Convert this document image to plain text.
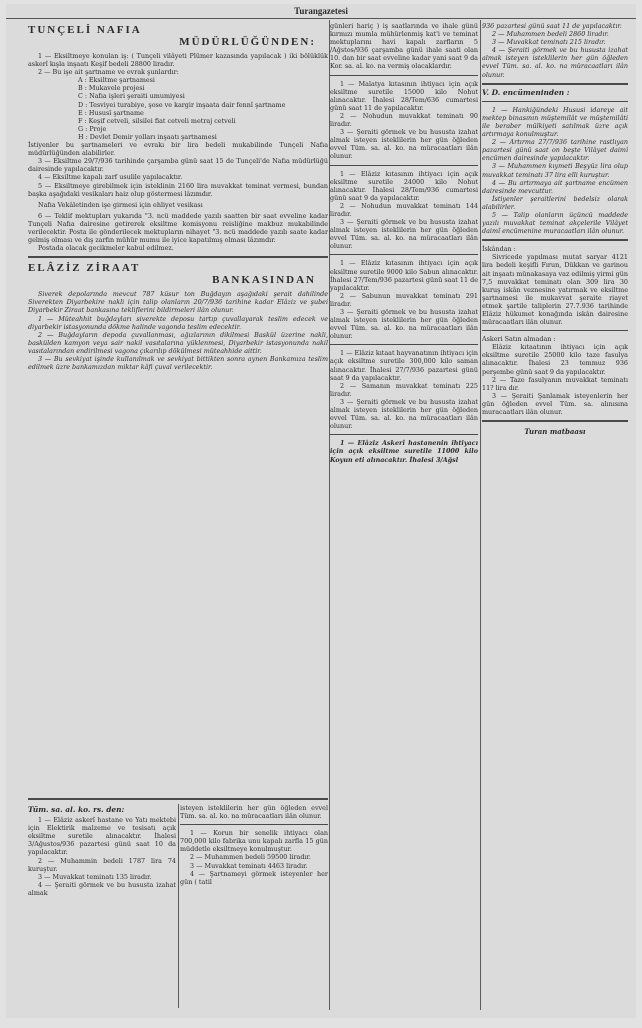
Turangazetesi
TUNÇELİ NAFIA
MÜDÜRLÜĞÜNDEN:

1 — Eksiltmeye konulan iş: ( Tunçeli vilâyeti Plümer kazasında yapılacak ) iki bölüklük askerî kışla inşaatı Keşif bedeli 28800 liradır.

2 — Bu işe ait şartname ve evrak şunlardır:

A : Eksiltme şartnamesi
B : Mukavele projesi
C : Nafıa işleri şeraiti umumiyesi
D : Tesviyei turabiye, şose ve kargir inşaata dair fennî şartname
E : Hususî şartname
F : Keşif cetveli, silsilei fiat cetveli metraj cetveli
G : Proje
H : Devlet Demir yolları inşaatı şartnamesi

İstiyenler bu şartnameleri ve evrakı bir lira bedeli mukabilinde Tunçeli Nafıa müdürlüğünden alabilirler.

3 — Eksiltme 29/7/936 tarihinde çarşamba günü saat 15 de Tunçeli'de Nafıa müdürlüğü dairesinde yapılacaktır.

4 — Eksiltme kapalı zarf usulile yapılacaktır.

5 — Eksiltmeye girebilmek için isteklinin 2160 lira muvakkat teminat vermesi, bundan başka aşağıdaki vesikaları haiz olup göstermesi lâzımdır.

Nafıa Vekâletinden işe girmesi için ehliyet vesikası

6 — Teklif mektupları yukarıda "3. ncü maddede yazılı saatten bir saat evveline kadar Tunçeli Nafıa dairesine getirerek eksiltme komisyonu reisliğine makbuz mukabilinde verilecektir. Posta ile gönderilecek mektupların nihayet "3. ncü maddede yazılı saate kadar gelmiş olması ve dış zarfın mühür mumu ile iyice kapatılmış olması lâzımdır.

Postada olacak gecikmeler kabul edilmez.

ELÂZİZ ZİRAAT
BANKASINDAN

Siverek depolarında mevcut 787 küsur ton Buğdayın aşağıdaki şerait dahilinde Siverekten Diyarbekire nakli için talip olanların 20/7/936 tarihine kadar Elâziz ve şubei Diyarbekir Ziraat bankasına tekliflerini bildirmeleri ilân olunur.

1 — Müteahhit buğdayları siverekte deposu tartıp çuvallayarak teslim edecek ve diyarbekir istasyonunda dökme halinde vagonda teslim edecektir.

2 — Buğdayların depoda çuvallanması, ağızlarının dikilmesi Baskül üzerine nakli, baskülden kamyon veya sair nakil vasıtalarına yüklenmesi, Diyarbekir istasyonunda nakil vasıtalarından endirilmesi vagona çıkarılıp dökülmesi müteahhide aittir.

3 — Bu sevkiyat işinde kullanılmak ve sevkiyat bittikten sonra aynen Bankamıza teslim edilmek üzre bankamızdan miktar kâfi çuval verilecektir.

Tüm. sa. al. ko. rs. den:

1 — Elâziz askerî hastane ve Yatı mektebi için Elektirik malzeme ve tesisatı açık eksiltme suretile alınacaktır. İhalesi 3/Ağustos/936 pazartesi günü saat 10 da yapılacaktır.

2 — Muhammin bedeli 1787 lira 74 kuruştur.

3 — Muvakkat teminatı 135 liradır.

4 — Şeraiti görmek ve bu hususta izahat almak

isteyen isteklilerin her gün öğleden evvel Tüm. sa. al. ko. na müracaatları ilân olunur.

1 — Korun bir senelik ihtiyacı olan 700,000 kilo fabrika unu kapalı zarfla 15 gün müddetle eksiltmeye konulmuştur.

2 — Muhammen bedeli 59500 liradır.

3 — Muvakkat teminatı 4463 liradır.

4 — Şartnameyi görmek isteyenler her gün ( tatil

günleri hariç ) iş saatlarında ve ihale günü kırmızı mumla mühürlenmiş kat'i ve teminat mektuplarını havi kapalı zarfların 5 /Ağstos/936 çarşamba günü ihale saati olan 10. dan bir saat evveline kadar yani saat 9 da Kor. sa. al. ko. na vermiş olacaklardır.

1 — Malatya kıtasının ihtiyacı için açık eksiltme suretile 15000 kilo Nohut alınacaktır. İhalesi 28/Tem/636 cumartesi günü saat 11 de yapılacaktır.

2 — Nohudun muvakkat teminatı 90 liradır.

3 — Şeraiti görmek ve bu hususta izahat almak isteyen isteklilerin her gün öğleden evvel Tüm. sa. al. ko. na müracaatları ilân olunur.

1 — Elâziz kıtasının ihtiyacı için açık eksiltme suretile 24000 kilo Nohut alınacaktır. İhalesi 28/Tem/936 cumartesi günü saat 9 da yapılacaktır.

2 — Nohudun muvakkat teminatı 144 liradır.

3 — Şeraiti görmek ve bu hususta izahat almak isteyen isteklilerin her gün öğleden evvel Tüm. sa. al. ko. na müracaatları ilân olunur.

1 — Elâziz kıtasının ihtiyacı için açık eksiltme suretile 9000 kilo Sabun alınacaktır. İhalesi 27/Tem/936 pazartesi günü saat 11 de yapılacaktır.

2 — Sabunun muvakkat teminatı 291 liradır.

3 — Şeraiti görmek ve bu hususta izahat almak isteyen isteklilerin her gün öğleden evvel Tüm. sa. al. ko. na müracaatları ilân olunur.

1 — Elâziz kıtaat hayvanatının ihtiyacı için açık eksiltme suretile 300,000 kilo saman alınacaktır. İhalesi 27/7/936 pazartesi günü saat 9 da yapılacaktır.

2 — Samanın muvakkat teminatı 225 liradır.

3 — Şeraiti görmek ve bu hususta izahat almak isteyen isteklilerin her gün öğleden evvel Tüm. sa. al. ko. na müracaatları ilân olunur.

1 — Elâziz Askerî hastanenin ihtiyacı için açık eksiltme suretile 11000 kilo Koyun eti alınacaktır. İhalesi 3/Ağsl

936 pazartesi günü saat 11 de yapılacaktır.

2 — Muhammen bedeli 2860 liradır.

3 — Muvakkat teminatı 215 liradır.

4 — Şeraiti görmek ve bu hususta izahat almak isteyen isteklilerin her gün öğleden evvel Tüm. sa. al. ko. na müracaatları ilân olunur.

V. D. encümeninden :

1 — Hankiğündeki Hususi idareye ait mektep binasının müştemilât ve müştemilâti ile beraber mülkiyeti satılmak üzre açık artırmaya konulmuştur.

2 — Artırma 27/7/936 tarihine rastlıyan pazartesi günü saat on beşte Vilâyet daimî encümen dairesinde yapılacaktır.

3 — Muhammen kıymeti Beşyüz lira olup muvakkat teminatı 37 lira elli kuruştur.

4 — Bu artırmaya ait şartname encümen dairesinde mevcuttur.

İstiyenler şeraitlerini bedelsiz olarak alabilirler.

5 — Talip olanların üçüncü maddede yazılı muvakkat teminat akçelerile Vilâyet daimî encümenine muracaatları ilân olunur.

İskândan :

Sivricede yapılması mutat saryar 4121 lira bedeli keşifli Fırun, Dükkan ve garinou ait inşaatı münakasaya vaz edilmiş yirmi gün 7,5 muvakkat teminatı olan 309 lira 30 kuruş iskân veznesine yatırmak ve eksiltme şartnamesi ile mukavvat şeraite riayet etmek şartile taliplerin 27.7.936 tarihinde Elâziz hükumet konağında iskân dairesine müracaatları ilân olunur.

Askeri Satın almadan :

Elâziz kıtaatının ihtiyacı için açık eksiltme suretile 25000 kilo taze fasulya alınacaktır. İhalesi 23 temmuz 936 perşembe günü saat 9 da yapılacaktır.

2 — Taze fasulyanın muvakkat teminatı 11? lira dır.

3 — Şeraiti Şanlamak isteyenlerin her gün öğleden evvel Tüm. sa. alınısına muracaatları ilân olunur.

Turan matbaası
